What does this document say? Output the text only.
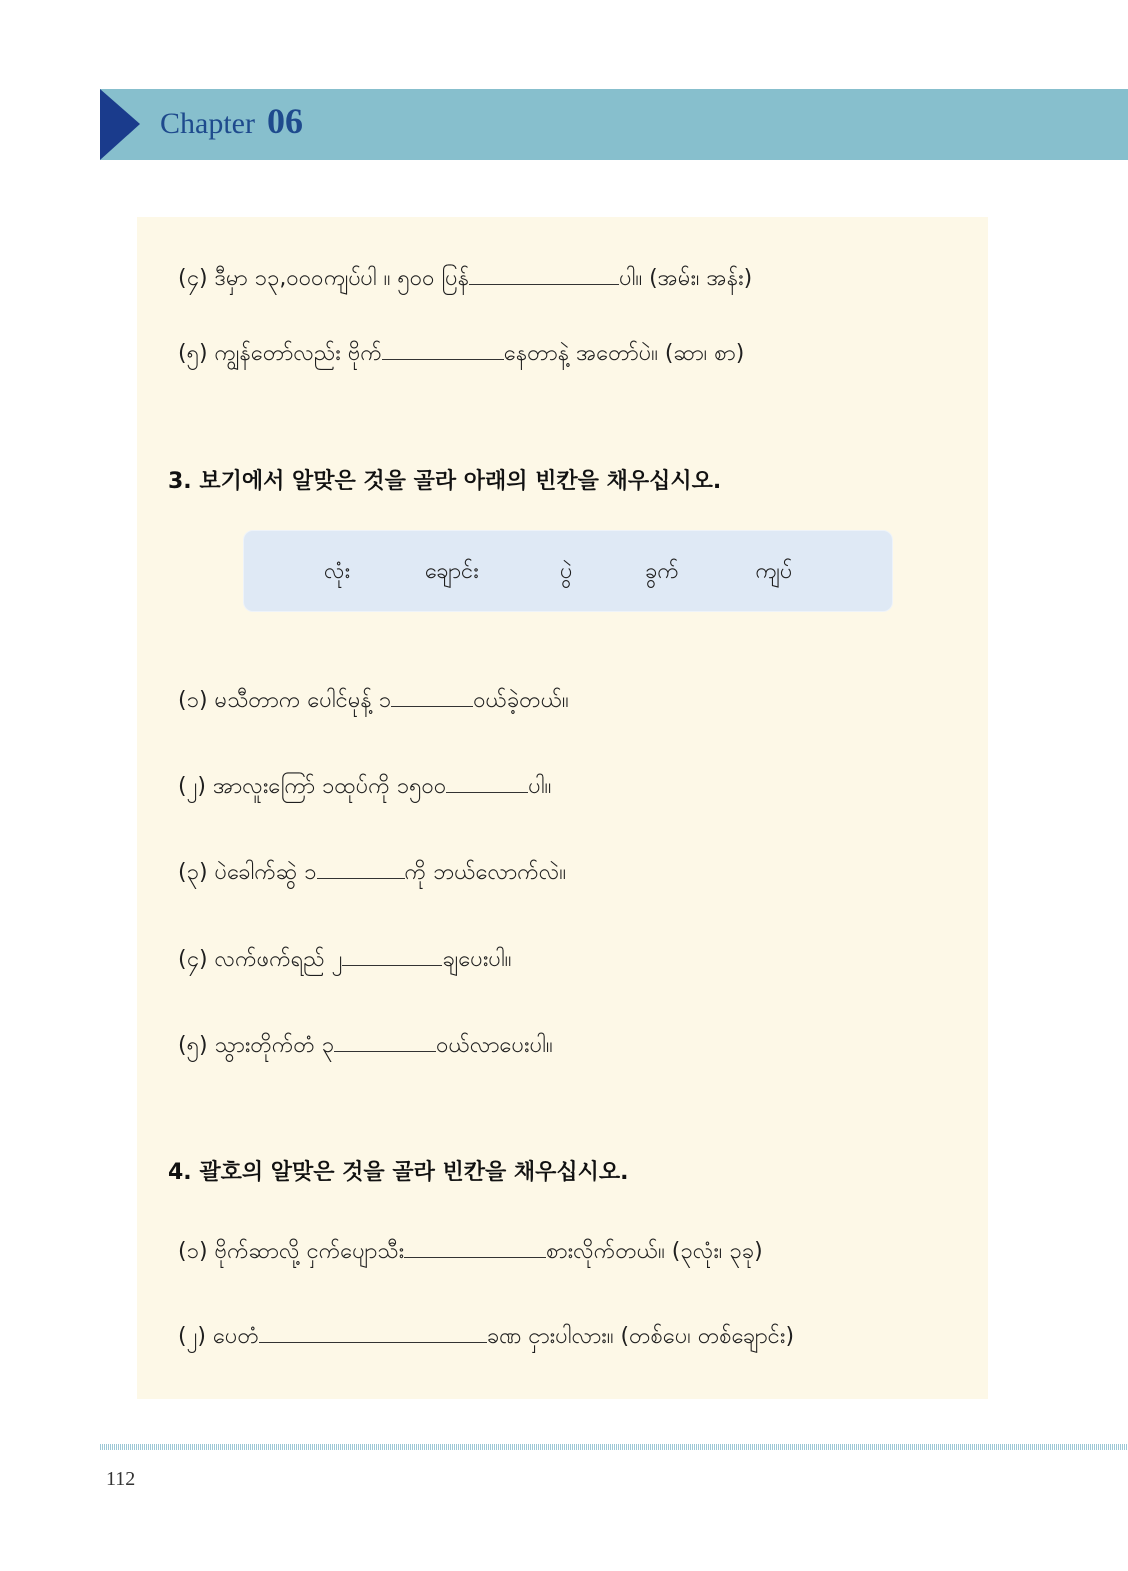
Chapter 06
(၄) ဒီမှာ ၁၃,၀၀၀ကျပ်ပါ ။ ၅၀၀ ပြန်	ပါ။ (အမ်း၊ အန်း)
(၅) ကျွန်တော်လည်း ဗိုက်	နေတာနဲ့ အတော်ပဲ။ (ဆာ၊ စာ)
3. 보기에서 알맞은 것을 골라 아래의 빈칸을 채우십시오.
လုံး	ချောင်း	ပွဲ	ခွက်	ကျပ်
(၁) မသီတာက ပေါင်မုန့် ၁	ဝယ်ခဲ့တယ်။
(၂) အာလူးကြော် ၁ထုပ်ကို ၁၅၀၀	ပါ။
(၃) ပဲခေါက်ဆွဲ ၁	ကို ဘယ်လောက်လဲ။
(၄) လက်ဖက်ရည် ၂	ချပေးပါ။
(၅) သွားတိုက်တံ ၃	ဝယ်လာပေးပါ။
4. 괄호의 알맞은 것을 골라 빈칸을 채우십시오.
(၁) ဗိုက်ဆာလို့ ငှက်ပျောသီး	စားလိုက်တယ်။ (၃လုံး၊ ၃ခု)
(၂) ပေတံ	ခဏ ငှားပါလား။ (တစ်ပေ၊ တစ်ချောင်း)
112
